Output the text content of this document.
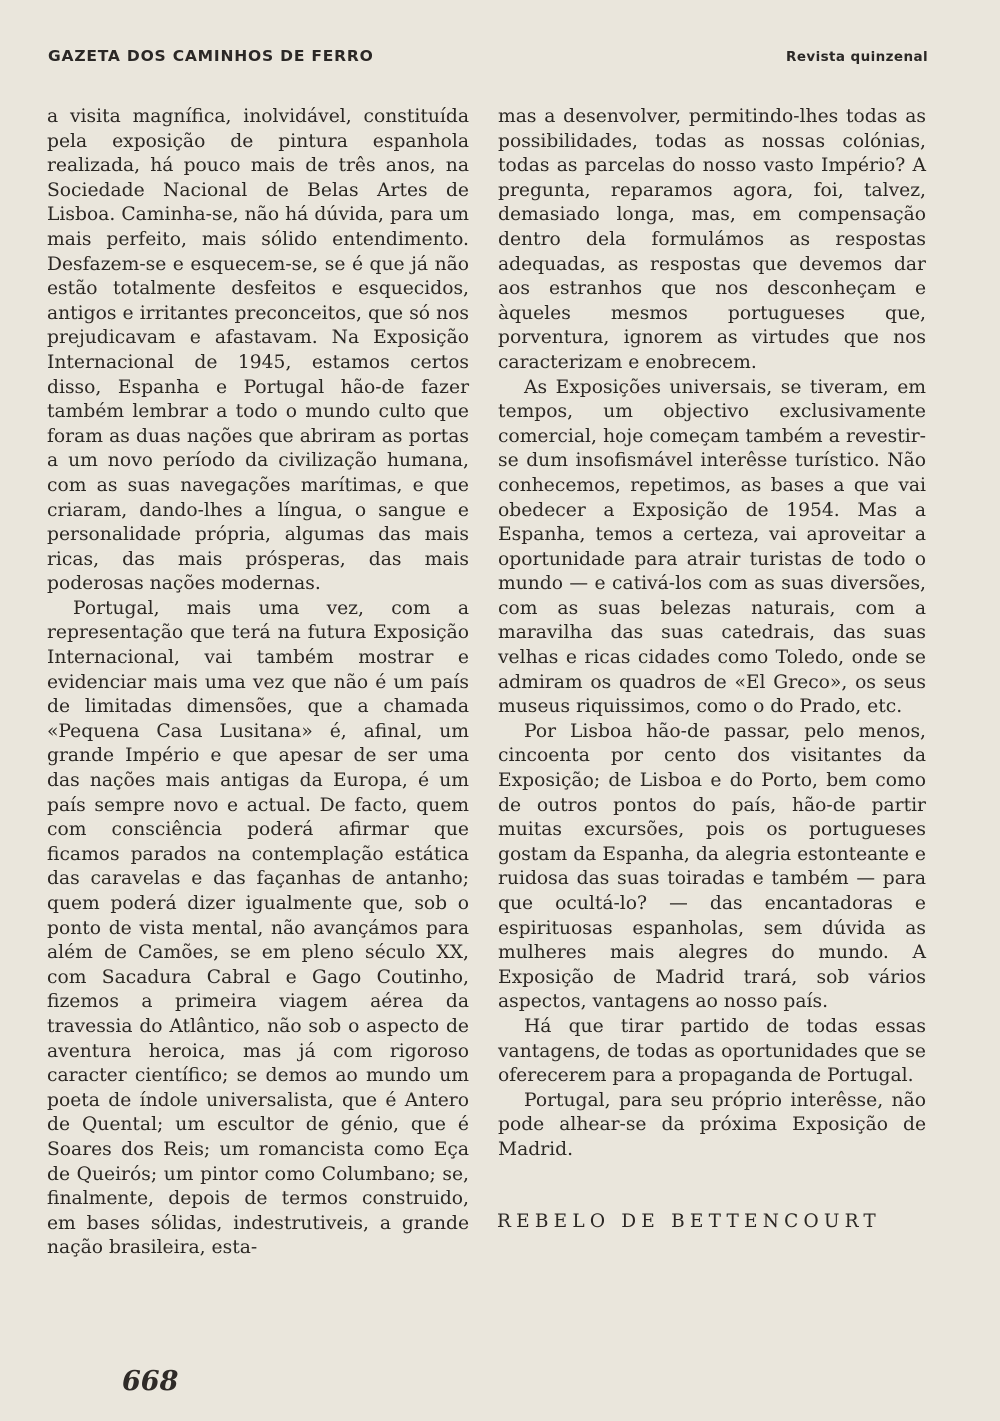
GAZETA DOS CAMINHOS DE FERRO	Revista quinzenal

a visita magnífica, inolvidável, constituída pela exposição de pintura espanhola realizada, há pouco mais de três anos, na Sociedade Nacional de Belas Artes de Lisboa. Caminha-se, não há dúvida, para um mais perfeito, mais sólido entendimento. Desfazem-se e esquecem-se, se é que já não estão totalmente desfeitos e esquecidos, antigos e irritantes preconceitos, que só nos prejudicavam e afastavam. Na Exposição Internacional de 1945, estamos certos disso, Espanha e Portugal hão-de fazer também lembrar a todo o mundo culto que foram as duas nações que abriram as portas a um novo período da civilização humana, com as suas navegações marítimas, e que criaram, dando-lhes a língua, o sangue e personalidade própria, algumas das mais ricas, das mais prósperas, das mais poderosas nações modernas.

Portugal, mais uma vez, com a representação que terá na futura Exposição Internacional, vai também mostrar e evidenciar mais uma vez que não é um país de limitadas dimensões, que a chamada «Pequena Casa Lusitana» é, afinal, um grande Império e que apesar de ser uma das nações mais antigas da Europa, é um país sempre novo e actual. De facto, quem com consciência poderá afirmar que ficamos parados na contemplação estática das caravelas e das façanhas de antanho; quem poderá dizer igualmente que, sob o ponto de vista mental, não avançámos para além de Camões, se em pleno século XX, com Sacadura Cabral e Gago Coutinho, fizemos a primeira viagem aérea da travessia do Atlântico, não sob o aspecto de aventura heroica, mas já com rigoroso caracter científico; se demos ao mundo um poeta de índole universalista, que é Antero de Quental; um escultor de génio, que é Soares dos Reis; um romancista como Eça de Queirós; um pintor como Columbano; se, finalmente, depois de termos construido, em bases sólidas, indestrutiveis, a grande nação brasileira, esta-

mas a desenvolver, permitindo-lhes todas as possibilidades, todas as nossas colónias, todas as parcelas do nosso vasto Império? A pregunta, reparamos agora, foi, talvez, demasiado longa, mas, em compensação dentro dela formulámos as respostas adequadas, as respostas que devemos dar aos estranhos que nos desconheçam e àqueles mesmos portugueses que, porventura, ignorem as virtudes que nos caracterizam e enobrecem.

As Exposições universais, se tiveram, em tempos, um objectivo exclusivamente comercial, hoje começam também a revestir-se dum insofismável interêsse turístico. Não conhecemos, repetimos, as bases a que vai obedecer a Exposição de 1954. Mas a Espanha, temos a certeza, vai aproveitar a oportunidade para atrair turistas de todo o mundo — e cativá-los com as suas diversões, com as suas belezas naturais, com a maravilha das suas catedrais, das suas velhas e ricas cidades como Toledo, onde se admiram os quadros de «El Greco», os seus museus riquissimos, como o do Prado, etc.

Por Lisboa hão-de passar, pelo menos, cincoenta por cento dos visitantes da Exposição; de Lisboa e do Porto, bem como de outros pontos do país, hão-de partir muitas excursões, pois os portugueses gostam da Espanha, da alegria estonteante e ruidosa das suas toiradas e também — para que ocultá-lo? — das encantadoras e espirituosas espanholas, sem dúvida as mulheres mais alegres do mundo. A Exposição de Madrid trará, sob vários aspectos, vantagens ao nosso país.

Há que tirar partido de todas essas vantagens, de todas as oportunidades que se oferecerem para a propaganda de Portugal.

Portugal, para seu próprio interêsse, não pode alhear-se da próxima Exposição de Madrid.

REBELO DE BETTENCOURT
668
